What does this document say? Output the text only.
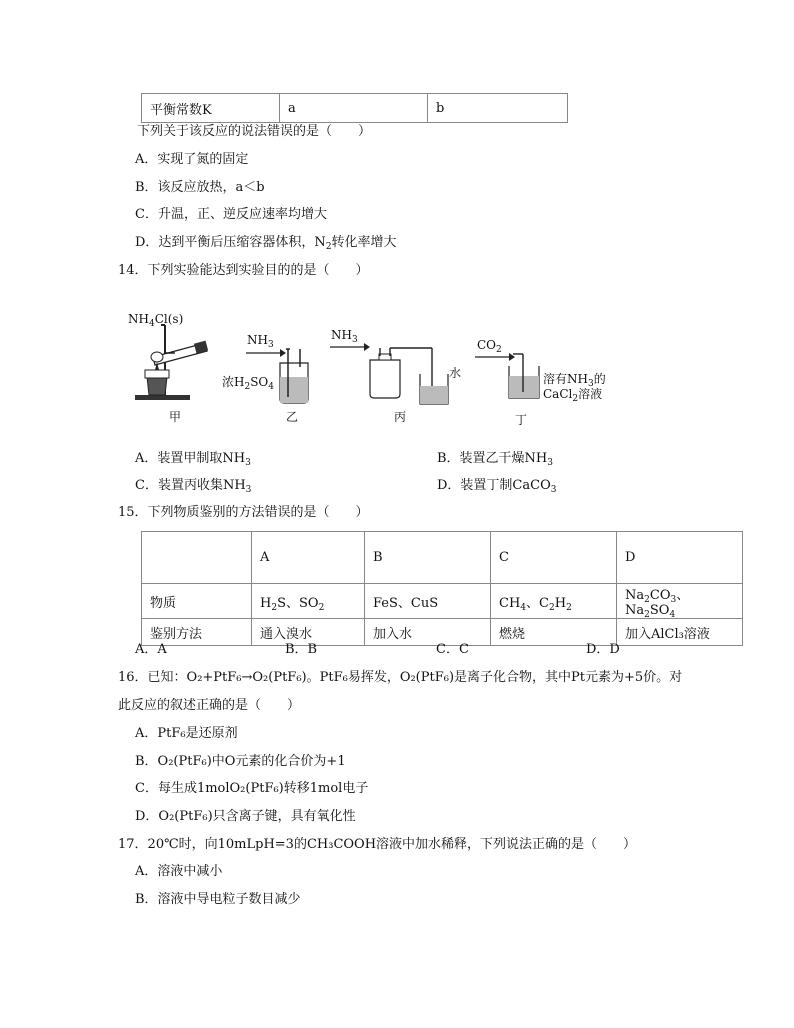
平衡常数K	a	b
下列关于该反应的说法错误的是（　　）
A．实现了氮的固定
B．该反应放热，a＜b
C．升温，正、逆反应速率均增大
D．达到平衡后压缩容器体积，$N_2$转化率增大
14．下列实验能达到实验目的的是（　　）
$NH_4Cl(s)$
甲
$NH_3$
浓$H_2SO_4$
乙
$NH_3$
水
丙
$CO_2$
溶有$NH_3$的
CaCl$_2$溶液
丁
A．装置甲制取$NH_3$	B．装置乙干燥$NH_3$
C．装置丙收集$NH_3$	D．装置丁制CaCO$_3$
15．下列物质鉴别的方法错误的是（　　）
	A	B	C	D
物质	$H_2S$、$SO_2$	FeS、CuS	$CH_4$、$C_2H_2$	$Na_2CO_3$、$Na_2SO_4$
鉴别方法	通入溴水	加入水	燃烧	加入AlCl₃溶液
A．A	B．B	C．C	D．D
16．已知：O₂+PtF₆→O₂(PtF₆)。PtF₆易挥发，O₂(PtF₆)是离子化合物，其中Pt元素为+5价。对
此反应的叙述正确的是（　　）
A．PtF₆是还原剂
B．O₂(PtF₆)中O元素的化合价为+1
C．每生成1molO₂(PtF₆)转移1mol电子
D．O₂(PtF₆)只含离子键，具有氧化性
17．20℃时，向10mLpH=3的CH₃COOH溶液中加水稀释，下列说法正确的是（　　）
A．溶液中减小
B．溶液中导电粒子数目减少
